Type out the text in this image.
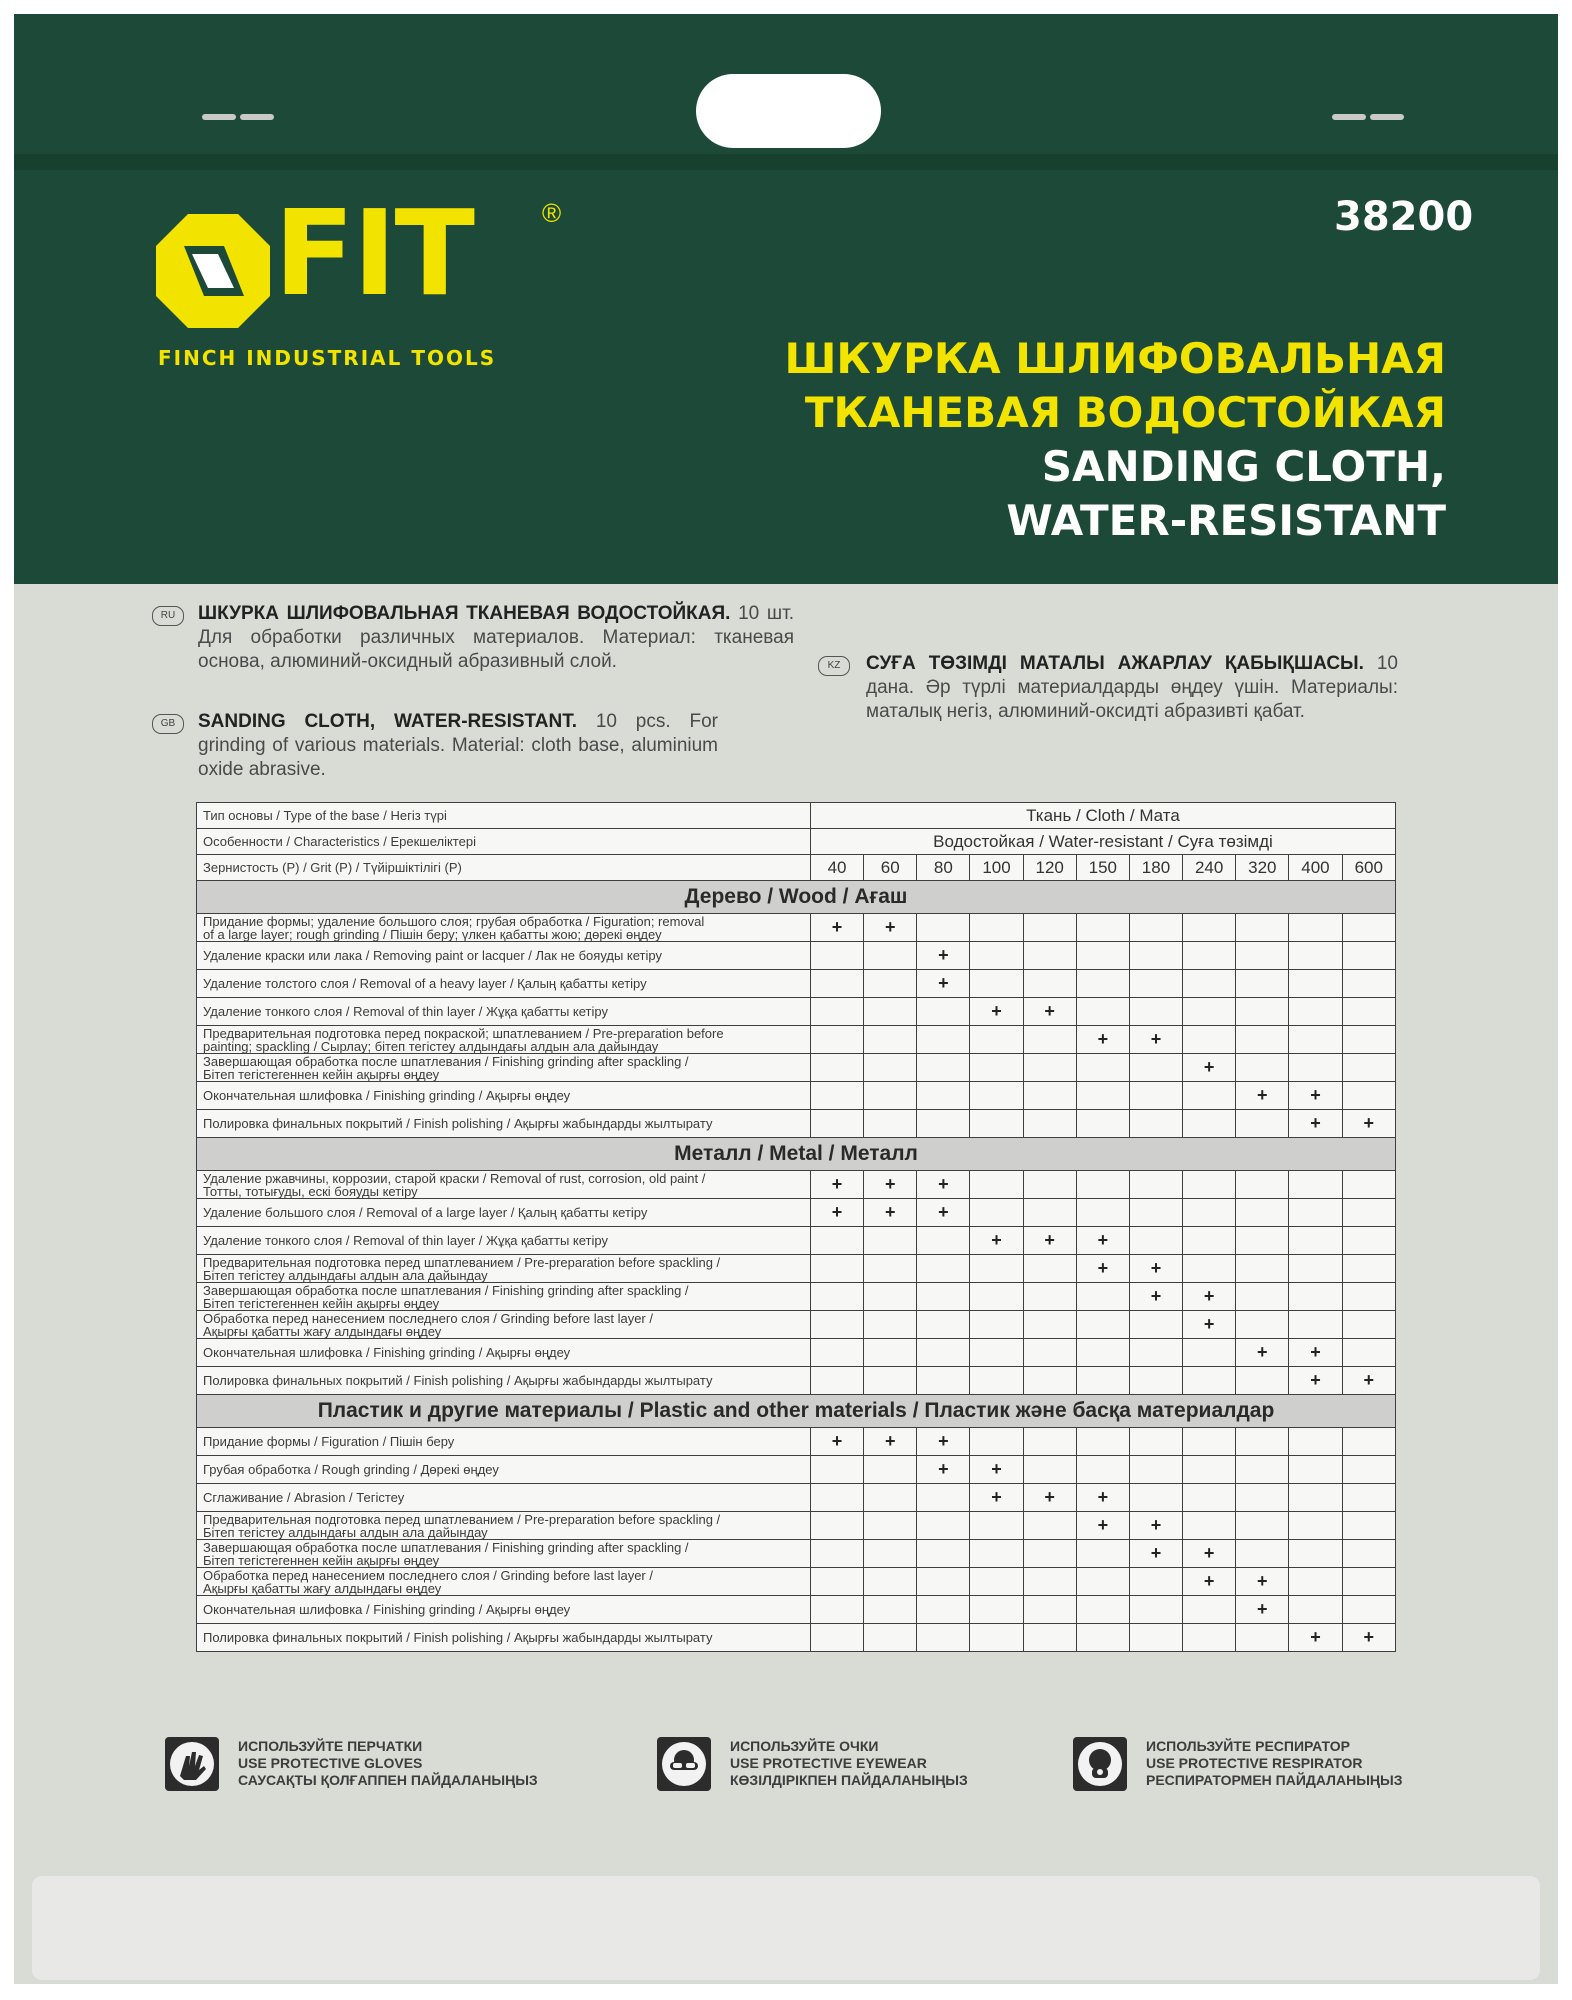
38200
FIT	®
FINCH INDUSTRIAL TOOLS	ШКУРКА ШЛИФОВАЛЬНАЯ
ТКАНЕВАЯ ВОДОСТОЙКАЯ
SANDING CLOTH,
WATER-RESISTANT
RU	ШКУРКА ШЛИФОВАЛЬНАЯ ТКАНЕВАЯ ВОДОСТОЙКАЯ. 10 шт. Для обработки различных материалов. Материал: тканевая основа, алюминий-оксидный абразивный слой.
GB	SANDING CLOTH, WATER-RESISTANT. 10 pcs. For grinding of various materials. Material: cloth base, aluminium oxide abrasive.
KZ	СУҒА ТӨЗІМДІ МАТАЛЫ АЖАРЛАУ ҚАБЫҚШАСЫ. 10 дана. Әр түрлі материалдарды өңдеу үшін. Материалы: маталық негіз, алюминий-оксидті абразивті қабат.
Тип основы / Type of the base / Негіз түрі	Ткань / Cloth / Мата										
Особенности / Characteristics / Ерекшеліктері	Водостойкая / Water-resistant / Суға төзімді										
Зернистость (P) / Grit (P) / Түйіршіктілігі (P)	40	60	80	100	120	150	180	240	320	400	600
Дерево / Wood / Ағаш											
Придание формы; удаление большого слоя; грубая обработка / Figuration; removal
of a large layer; rough grinding / Пішін беру; үлкен қабатты жою; дөрекі өңдеу	+	+									
Удаление краски или лака / Removing paint or lacquer / Лак не бояуды кетіру			+								
Удаление толстого слоя / Removal of a heavy layer / Қалың қабатты кетіру			+								
Удаление тонкого слоя / Removal of thin layer / Жұқа қабатты кетіру				+	+						
Предварительная подготовка перед покраской; шпатлеванием / Pre-preparation before
painting; spackling / Сырлау; бітеп тегістеу алдындағы алдын ала дайындау						+	+				
Завершающая обработка после шпатлевания / Finishing grinding after spackling /
Бітеп тегістегеннен кейін ақырғы өңдеу								+			
Окончательная шлифовка / Finishing grinding / Ақырғы өңдеу									+	+	
Полировка финальных покрытий / Finish polishing / Ақырғы жабындарды жылтырату										+	+
Металл / Metal / Металл											
Удаление ржавчины, коррозии, старой краски / Removal of rust, corrosion, old paint /
Тотты, тотығуды, ескі бояуды кетіру	+	+	+								
Удаление большого слоя / Removal of a large layer / Қалың қабатты кетіру	+	+	+								
Удаление тонкого слоя / Removal of thin layer / Жұқа қабатты кетіру				+	+	+					
Предварительная подготовка перед шпатлеванием / Pre-preparation before spackling /
Бітеп тегістеу алдындағы алдын ала дайындау						+	+				
Завершающая обработка после шпатлевания / Finishing grinding after spackling /
Бітеп тегістегеннен кейін ақырғы өңдеу							+	+			
Обработка перед нанесением последнего слоя / Grinding before last layer /
Ақырғы қабатты жағу алдындағы өңдеу								+			
Окончательная шлифовка / Finishing grinding / Ақырғы өңдеу									+	+	
Полировка финальных покрытий / Finish polishing / Ақырғы жабындарды жылтырату										+	+
Пластик и другие материалы / Plastic and other materials / Пластик және басқа материалдар											
Придание формы / Figuration / Пішін беру	+	+	+								
Грубая обработка / Rough grinding / Дөрекі өңдеу			+	+							
Сглаживание / Abrasion / Тегістеу				+	+	+					
Предварительная подготовка перед шпатлеванием / Pre-preparation before spackling /
Бітеп тегістеу алдындағы алдын ала дайындау						+	+				
Завершающая обработка после шпатлевания / Finishing grinding after spackling /
Бітеп тегістегеннен кейін ақырғы өңдеу							+	+			
Обработка перед нанесением последнего слоя / Grinding before last layer /
Ақырғы қабатты жағу алдындағы өңдеу								+	+		
Окончательная шлифовка / Finishing grinding / Ақырғы өңдеу									+		
Полировка финальных покрытий / Finish polishing / Ақырғы жабындарды жылтырату										+	+
ИСПОЛЬЗУЙТЕ ПЕРЧАТКИ
USE PROTECTIVE GLOVES
САУСАҚТЫ ҚОЛҒАППЕН ПАЙДАЛАНЫҢЫЗ
ИСПОЛЬЗУЙТЕ ОЧКИ
USE PROTECTIVE EYEWEAR
КӨЗІЛДІРІКПЕН ПАЙДАЛАНЫҢЫЗ
ИСПОЛЬЗУЙТЕ РЕСПИРАТОР
USE PROTECTIVE RESPIRATOR
РЕСПИРАТОРМЕН ПАЙДАЛАНЫҢЫЗ
